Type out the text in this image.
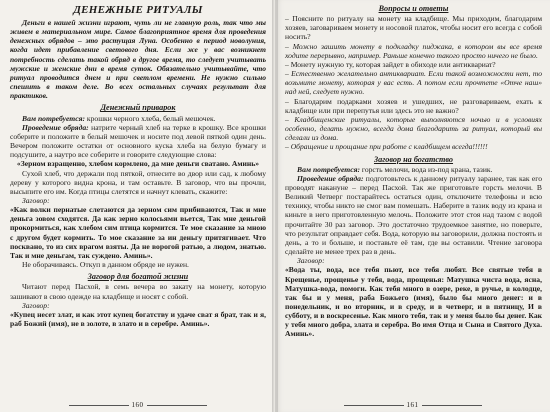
ДЕНЕЖНЫЕ РИТУАЛЫ

Деньги в нашей жизни играют, чуть ли не главную роль, так что мы живем в материальном мире. Самое благоприятное время для проведения денежных обрядов – это растущая Луна. Особенно в период новолуния, когда идет прибавление светового дня. Если же у вас возникнет потребность сделать такой обряд в другое время, то следует учитывать мужские и женские дни в время суток. Обязательно учитывайте, что ритуал проводится днем и при светлом времени. Не нужно сильно спешить в таком деле. Во всех остальных случаях результат для практиков.

Денежный приварок

Вам потребуется: крошки черного хлеба, белый мешочек.

Проведение обряда: натрите черный хлеб на терке в крошку. Все крошки соберите и положите в белый мешочек и носите под левой пяткой один день. Вечером положите остатки от основного куска хлеба на белую бумагу и подсушите, а наутро все соберите и говорите следующие слова:

«Зерном взращенно, хлебом кормлено, да мне деньги сватано. Аминь»

Сухой хлеб, что держали под пяткой, отнесите во двор или сад, к любому дереву у которого видна крона, и там оставьте. В заговор, что вы прочли, высыпите его им. Когда птицы слетятся и начнут клевать, скажите:

Заговор:

«Как волки пернатые слетаются да зерном сим прибиваются, Так и мне деньга зовом сходятся. Да как зерно колосьями вьется, Так мне деньгой прокормиться, как хлебом сим птица кормится. Те мое сказание за мною с другом будет кормить. То мое сказание за ин деньгу притягивает. Что посквано, то из сих врагом взяты. Да не ворогой ратью, а людом, знатью. Так и мне деньгам, так суждено. Аминь».

Не оборачиваясь. Откуп в данном обряде не нужен.

Заговор для богатой жизни

Читают перед Пасхой, в семь вечера во закату на монету, которую зашивают в свою одежде на кладбище и носят с собой.

Заговор:

«Купец несет злат, и как этот купец богатству и удаче сват я брат, так и я, раб Божий (имя), не в золоте, в злато и в серебре. Аминь».

160
Вопросы и ответы

– Поясните по ритуалу на монету на кладбище. Мы приходим, благодарим хозяев, заговариваем монету и носовой платок, чтобы носит его всегда с собой носить?

– Можно зашить монету в подкладку пиджака, в котором вы все время ходите перерывно, например. Раньше конечно такого просто ничего не было.

– Монету нужную ту, которая зайдет в обиходе или антиквариат?

– Естественно желательно антиквариат. Если такой возможности нет, то возьмите монету, которая у вас есть. А потом если прочтете «Отче наш» над ней, следует нужно.

– Благодарим подарками хозяев и ушедших, не разговариваем, ехать к кладбище или при перепутья или здесь это не важно?

– Кладбищенские ритуалы, которые выполняются ночью и в условиях особенно, делать нужно, всегда дома благодарить за ритуал, который вы сделали из дома.

– Обращение и прощание при работе с кладбищем всегда!!!!!!

Заговор на богатство

Вам потребуется: горсть мелочи, вода из-под крана, тазик.

Проведение обряда: подготовьтесь к данному ритуалу заранее, так как его проводят накануне – перед Пасхой. Так же приготовьте горсть мелочи. В Великий Четверг постарайтесь остаться один, отключите телефоны и всю технику, чтобы никто не смог вам помешать. Наберите в тазик воду из крана и киньте в него приготовленную мелочь. Положите этот стоя над тазом с водой прочитайте 30 раз заговор. Это достаточно трудоемкое занятие, но поверьте, что результат оправдает себя. Вода, которую вы заговорили, должна постоять и день, а то и больше, и поставьте её там, где вы оставили. Чтение заговора сделайте не менее трех раз в день.

Заговор:

«Вода ты, вода, все тебя пьют, все тебя любят. Все святые тебя в Крещенье, прощенье у тебя, вода, прощенья: Матушка чиста вода, ясна, Матушка-вода, помоги. Как тебя много в озере, реке, в ручье, в колодце, так бы и у меня, раба Божьего (имя), было бы много денег: и в понедельник, и во вторник, и в среду, и в четверг, и в пятницу, И в субботу, и в воскресенье. Как много тебя, так и у меня было бы денег. Как у тебя много добра, злата и серебра. Во имя Отца и Сына и Святого Духа. Аминь».

161
